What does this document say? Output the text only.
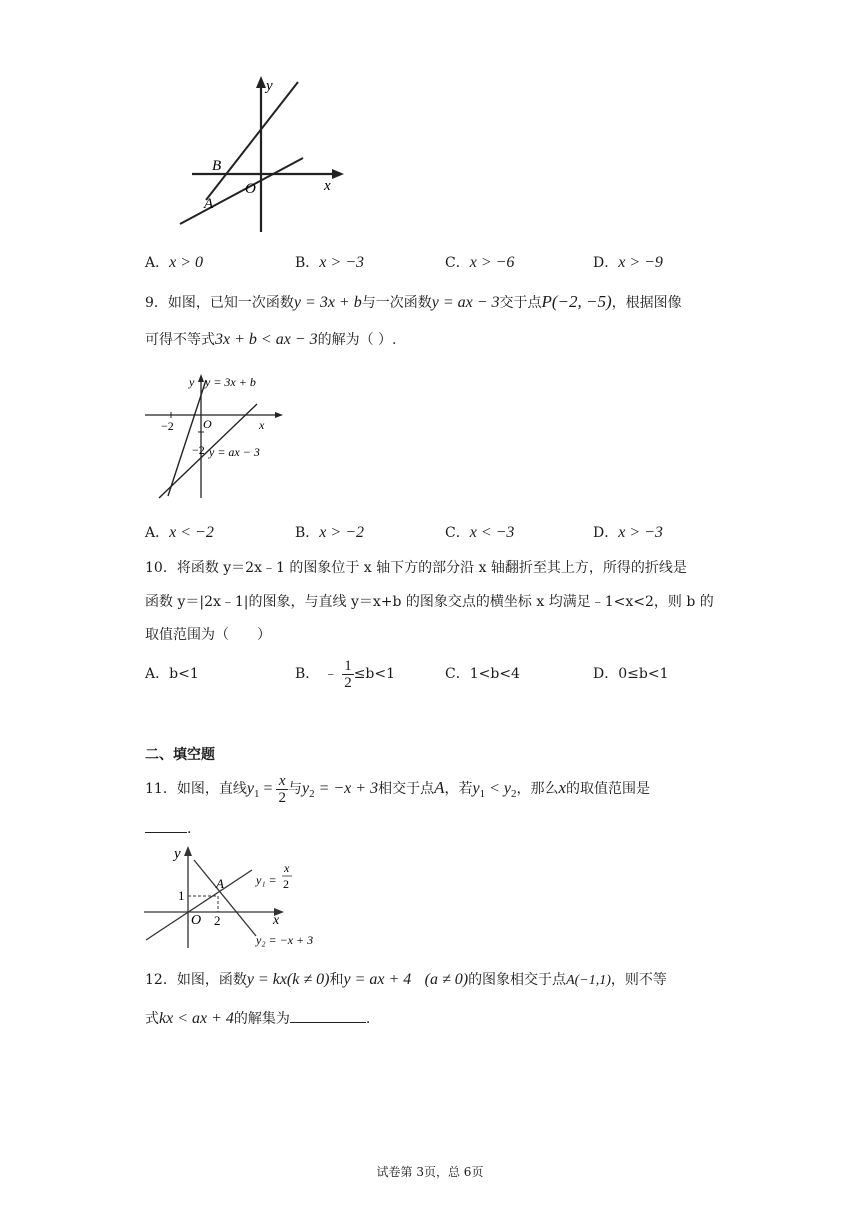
y
x
B
O
A
A．x > 0	B．x > −3	C．x > −6	D．x > −9
9．如图，已知一次函数y = 3x + b与一次函数y = ax − 3交于点P(−2, −5)，根据图像
可得不等式3x + b < ax − 3的解为（ ）.
y y = 3x + b
−2 O	x
−2 y = ax − 3
A．x < −2	B．x > −2	C．x < −3	D．x > −3
10．将函数 y＝2x﹣1 的图象位于 x 轴下方的部分沿 x 轴翻折至其上方，所得的折线是
函数 y＝|2x﹣1|的图象，与直线 y＝x+b 的图象交点的横坐标 x 均满足﹣1<x<2，则 b 的
取值范围为（　　）
A．b<1	B． ﹣ $\frac{1}{2} \le b<1$	C．1<b<4	D．0≤b<1
二、填空题
11．如图，直线$y_1 = \frac{x}{2}$ 与$y_2 = -x + 3$相交于点A，若$y_1 < y_2$，那么x的取值范围是
.
y
A
1
O 2	x
y₁ =
x
2
y₂ = −x + 3
12．如图，函数y = kx(k ≠ 0)和y = ax + 4 (a ≠ 0)的图象相交于点A(−1,1)，则不等
式kx < ax + 4的解集为	.
试卷第 3页，总 6页
